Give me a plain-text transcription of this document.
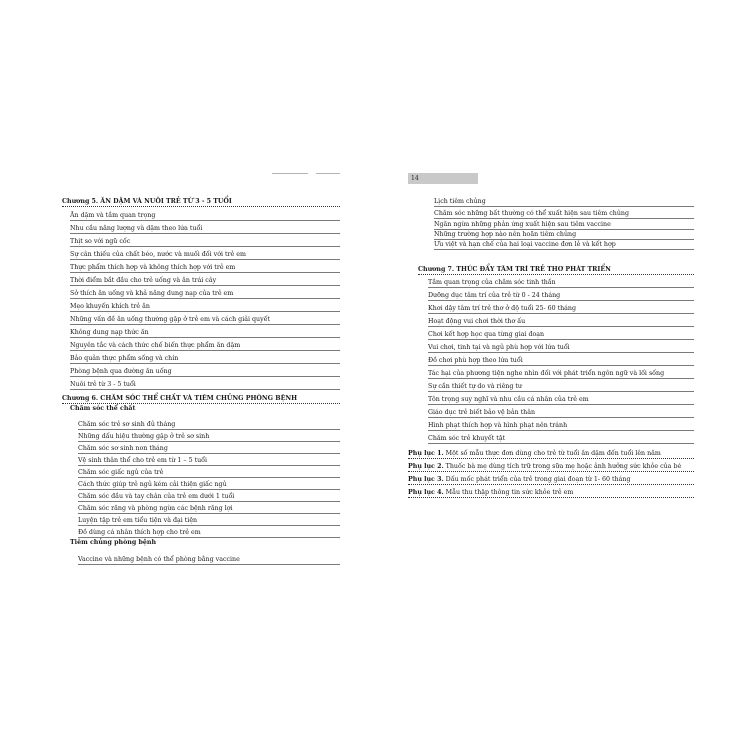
14
Chương 5. ĂN DẶM VÀ NUÔI TRẺ TỪ 3 - 5 TUỔI
Ăn dặm và tầm quan trọng
Nhu cầu năng lượng và dặm theo lứa tuổi
Thịt so với ngũ cốc
Sự cân thiếu của chất béo, nước và muối đối với trẻ em
Thực phẩm thích hợp và không thích hợp với trẻ em
Thời điểm bắt đầu cho trẻ uống và ăn trái cây
Sở thích ăn uống và khả năng dung nạp của trẻ em
Mẹo khuyến khích trẻ ăn
Những vấn đề ăn uống thường gặp ở trẻ em và cách giải quyết
Không dung nạp thức ăn
Nguyên tắc và cách thức chế biến thực phẩm ăn dặm
Bảo quản thực phẩm sống và chín
Phòng bệnh qua đường ăn uống
Nuôi trẻ từ 3 - 5 tuổi
Chương 6. CHĂM SÓC THỂ CHẤT VÀ TIÊM CHỦNG PHÒNG BỆNH
Chăm sóc thể chất
Chăm sóc trẻ sơ sinh đủ tháng
Những dấu hiệu thường gặp ở trẻ sơ sinh
Chăm sóc sơ sinh non tháng
Vệ sinh thân thể cho trẻ em từ 1 – 5 tuổi
Chăm sóc giấc ngủ của trẻ
Cách thức giúp trẻ ngủ kém cải thiện giấc ngủ
Chăm sóc đầu và tay chân của trẻ em dưới 1 tuổi
Chăm sóc răng và phòng ngừa các bệnh răng lợi
Luyện tập trẻ em tiểu tiện và đại tiện
Đồ dùng cá nhân thích hợp cho trẻ em
Tiêm chủng phòng bệnh
Vaccine và những bệnh có thể phòng bằng vaccine
Lịch tiêm chủng
Chăm sóc những bất thường có thể xuất hiện sau tiêm chủng
Ngăn ngừa những phản ứng xuất hiện sau tiêm vaccine
Những trường hợp nào nên hoãn tiêm chủng
Ưu việt và hạn chế của hai loại vaccine đơn lẻ và kết hợp
Chương 7. THÚC ĐẨY TÂM TRÍ TRẺ THƠ PHÁT TRIỂN
Tầm quan trọng của chăm sóc tinh thần
Dưỡng dục tâm trí của trẻ từ 0 - 24 tháng
Khơi dậy tâm trí trẻ thơ ở độ tuổi 25- 60 tháng
Hoạt động vui chơi thời thơ ấu
Chơi kết hợp học qua từng giai đoạn
Vui chơi, tinh tại và ngủ phù hợp với lứa tuổi
Đồ chơi phù hợp theo lứa tuổi
Tác hại của phương tiện nghe nhìn đối với phát triển ngôn ngữ và lối sống
Sự cần thiết tự do và riêng tư
Tôn trọng suy nghĩ và nhu cầu cá nhân của trẻ em
Giáo dục trẻ biết bảo vệ bản thân
Hình phạt thích hợp và hình phạt nên tránh
Chăm sóc trẻ khuyết tật
Phụ lục 1. Một số mẫu thực đơn dùng cho trẻ từ tuổi ăn dặm đến tuổi lên năm
Phụ lục 2. Thuốc bà mẹ dùng tích trữ trong sữa mẹ hoặc ảnh hưởng sức khỏe của bé
Phụ lục 3. Dấu mốc phát triển của trẻ trong giai đoạn từ 1- 60 tháng
Phụ lục 4. Mẫu thu thập thông tin sức khỏe trẻ em
